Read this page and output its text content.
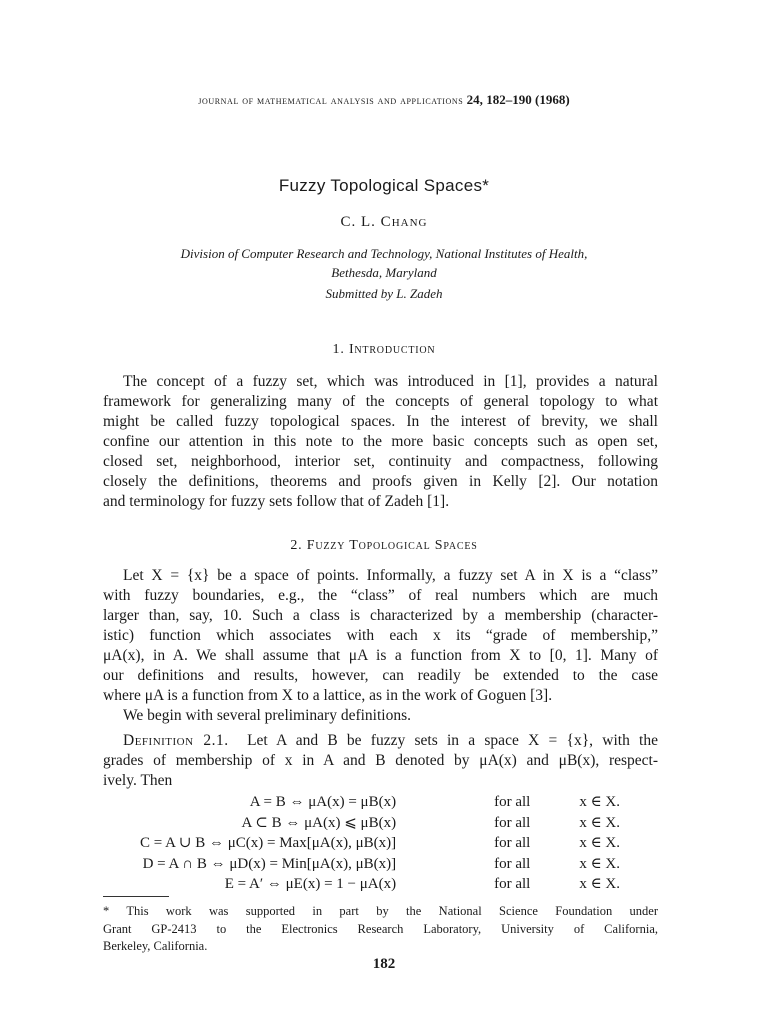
journal of mathematical analysis and applications 24, 182–190 (1968)
Fuzzy Topological Spaces*
C. L. Chang
Division of Computer Research and Technology, National Institutes of Health,
Bethesda, Maryland
Submitted by L. Zadeh
1. Introduction
The concept of a fuzzy set, which was introduced in [1], provides a natural
framework for generalizing many of the concepts of general topology to what
might be called fuzzy topological spaces. In the interest of brevity, we shall
confine our attention in this note to the more basic concepts such as open set,
closed set, neighborhood, interior set, continuity and compactness, following
closely the definitions, theorems and proofs given in Kelly [2]. Our notation
and terminology for fuzzy sets follow that of Zadeh [1].
2. Fuzzy Topological Spaces
Let X = {x} be a space of points. Informally, a fuzzy set A in X is a “class”
with fuzzy boundaries, e.g., the “class” of real numbers which are much
larger than, say, 10. Such a class is characterized by a membership (character-
istic) function which associates with each x its “grade of membership,”
μA(x), in A. We shall assume that μA is a function from X to [0, 1]. Many of
our definitions and results, however, can readily be extended to the case
where μA is a function from X to a lattice, as in the work of Goguen [3].
We begin with several preliminary definitions.
Definition 2.1. Let A and B be fuzzy sets in a space X = {x}, with the
grades of membership of x in A and B denoted by μA(x) and μB(x), respect-
ively. Then
A = B ⇔ μA(x) = μB(x)	for all	x ∈ X.
A ⊂ B ⇔ μA(x) ⩽ μB(x)	for all	x ∈ X.
C = A ∪ B ⇔ μC(x) = Max[μA(x), μB(x)]	for all	x ∈ X.
D = A ∩ B ⇔ μD(x) = Min[μA(x), μB(x)]	for all	x ∈ X.
E = A′ ⇔ μE(x) = 1 − μA(x)	for all	x ∈ X.
* This work was supported in part by the National Science Foundation under
Grant GP-2413 to the Electronics Research Laboratory, University of California,
Berkeley, California.
182
